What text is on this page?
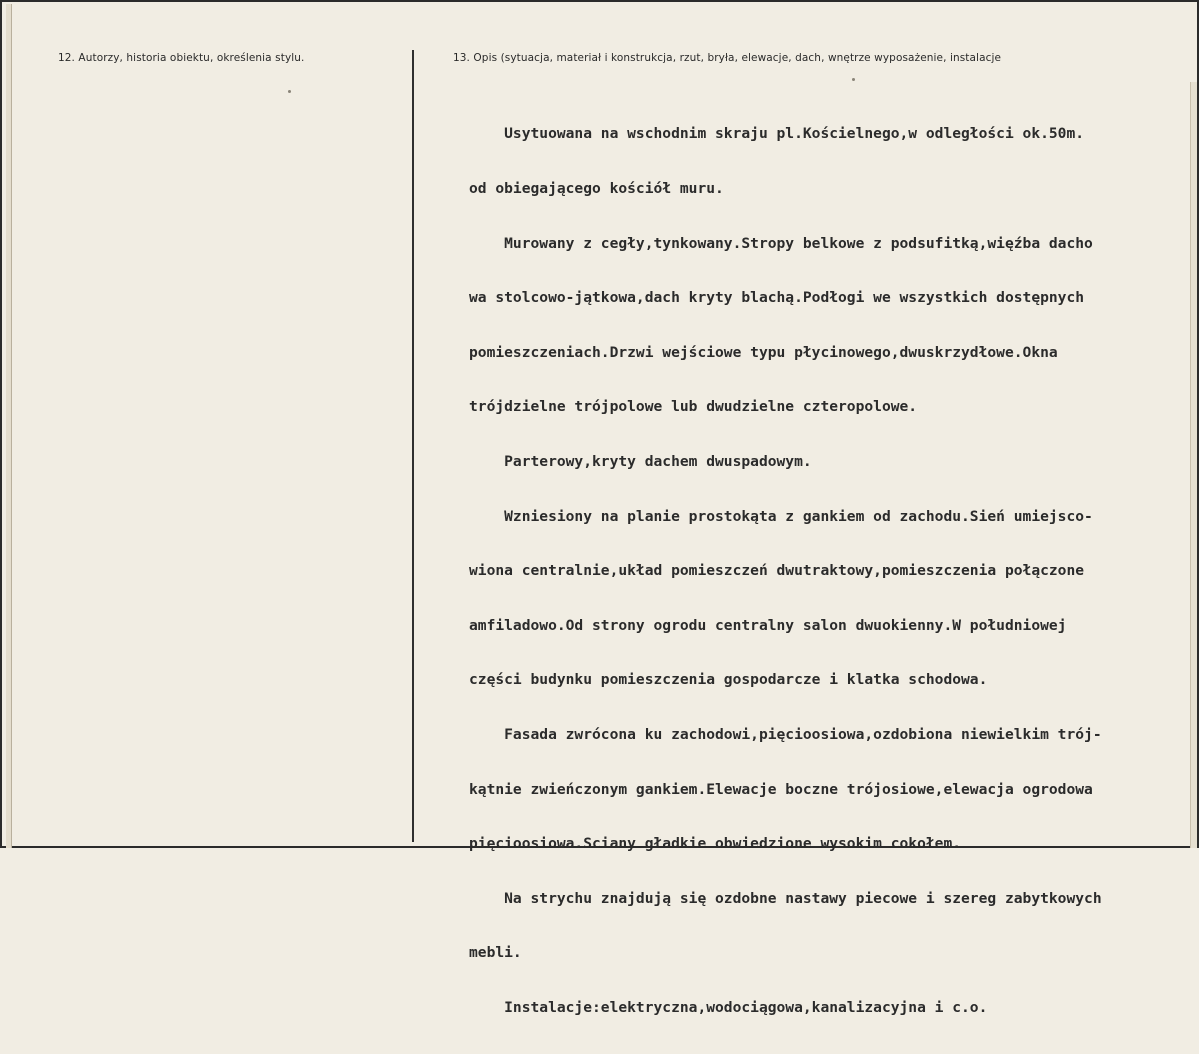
12. Autorzy, historia obiektu, określenia stylu.	13. Opis (sytuacja, materiał i konstrukcja, rzut, bryła, elewacje, dach, wnętrze wyposażenie, instalacje

Usytuowana na wschodnim skraju pl.Kościelnego,w odległości ok.50m.

od obiegającego kościół muru.

Murowany z cegły,tynkowany.Stropy belkowe z podsufitką,więźba dacho

wa stolcowo-jątkowa,dach kryty blachą.Podłogi we wszystkich dostępnych

pomieszczeniach.Drzwi wejściowe typu płycinowego,dwuskrzydłowe.Okna

trójdzielne trójpolowe lub dwudzielne czteropolowe.

Parterowy,kryty dachem dwuspadowym.

Wzniesiony na planie prostokąta z gankiem od zachodu.Sień umiejsco-

wiona centralnie,układ pomieszczeń dwutraktowy,pomieszczenia połączone

amfiladowo.Od strony ogrodu centralny salon dwuokienny.W południowej

części budynku pomieszczenia gospodarcze i klatka schodowa.

Fasada zwrócona ku zachodowi,pięcioosiowa,ozdobiona niewielkim trój-

kątnie zwieńczonym gankiem.Elewacje boczne trójosiowe,elewacja ogrodowa

pięcioosiowa.Sciany gładkie obwiedzione wysokim cokołem.

Na strychu znajdują się ozdobne nastawy piecowe i szereg zabytkowych

mebli.

Instalacje:elektryczna,wodociągowa,kanalizacyjna i c.o.
